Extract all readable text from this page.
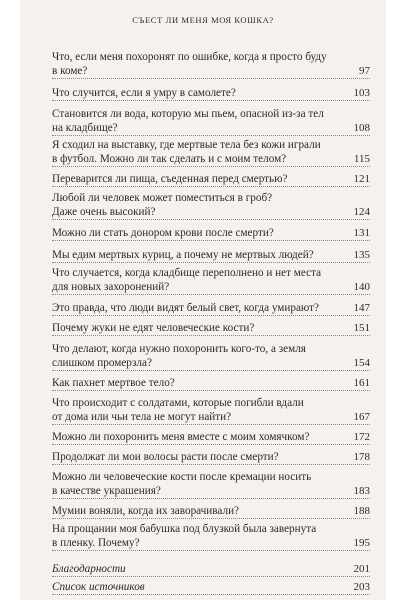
СЪЕСТ ЛИ МЕНЯ МОЯ КОШКА?
Что, если меня похоронят по ошибке, когда я просто буду
в коме?	97
Что случится, если я умру в самолете?	103
Становится ли вода, которую мы пьем, опасной из-за тел
на кладбище?	108
Я сходил на выставку, где мертвые тела без кожи играли
в футбол. Можно ли так сделать и с моим телом?	115
Переварится ли пища, съеденная перед смертью?	121
Любой ли человек может поместиться в гроб?
Даже очень высокий?	124
Можно ли стать донором крови после смерти?	131
Мы едим мертвых куриц, а почему не мертвых людей?	135
Что случается, когда кладбище переполнено и нет места
для новых захоронений?	140
Это правда, что люди видят белый свет, когда умирают?	147
Почему жуки не едят человеческие кости?	151
Что делают, когда нужно похоронить кого-то, а земля
слишком промерзла?	154
Как пахнет мертвое тело?	161
Что происходит с солдатами, которые погибли вдали
от дома или чьи тела не могут найти?	167
Можно ли похоронить меня вместе с моим хомячком?	172
Продолжат ли мои волосы расти после смерти?	178
Можно ли человеческие кости после кремации носить
в качестве украшения?	183
Мумии воняли, когда их заворачивали?	188
На прощании моя бабушка под блузкой была завернута
в пленку. Почему?	195
Благодарности	201
Список источников	203
